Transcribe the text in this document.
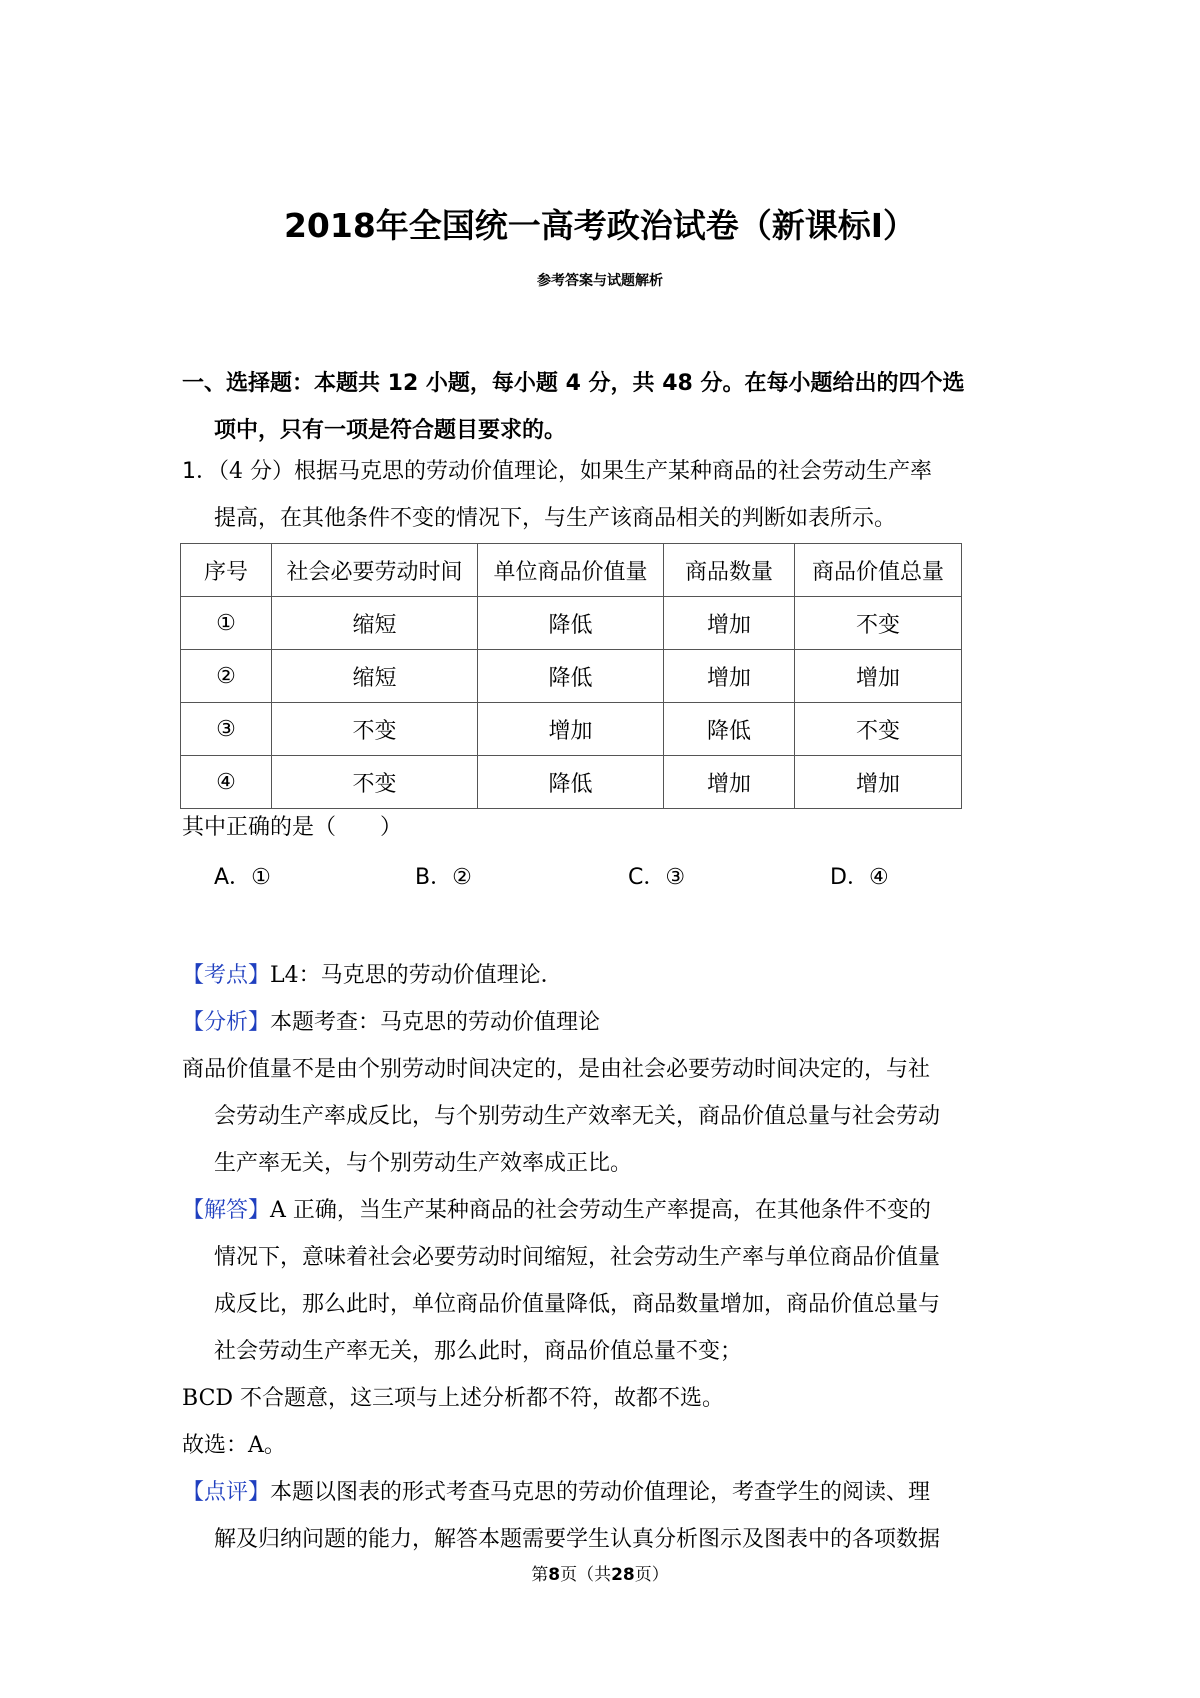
2018年全国统一高考政治试卷（新课标Ⅰ）
参考答案与试题解析
一、选择题：本题共 12 小题，每小题 4 分，共 48 分。在每小题给出的四个选
项中，只有一项是符合题目要求的。
1．（4 分）根据马克思的劳动价值理论，如果生产某种商品的社会劳动生产率
提高，在其他条件不变的情况下，与生产该商品相关的判断如表所示。
序号	社会必要劳动时间	单位商品价值量	商品数量	商品价值总量
①	缩短	降低	增加	不变
②	缩短	降低	增加	增加
③	不变	增加	降低	不变
④	不变	降低	增加	增加
其中正确的是（　　）
A．①	B．②	C．③	D．④
【考点】L4：马克思的劳动价值理论．
【分析】本题考查：马克思的劳动价值理论
商品价值量不是由个别劳动时间决定的，是由社会必要劳动时间决定的，与社
会劳动生产率成反比，与个别劳动生产效率无关，商品价值总量与社会劳动
生产率无关，与个别劳动生产效率成正比。
【解答】A 正确，当生产某种商品的社会劳动生产率提高，在其他条件不变的
情况下，意味着社会必要劳动时间缩短，社会劳动生产率与单位商品价值量
成反比，那么此时，单位商品价值量降低，商品数量增加，商品价值总量与
社会劳动生产率无关，那么此时，商品价值总量不变；
BCD 不合题意，这三项与上述分析都不符，故都不选。
故选：A。
【点评】本题以图表的形式考查马克思的劳动价值理论，考查学生的阅读、理
解及归纳问题的能力，解答本题需要学生认真分析图示及图表中的各项数据
第8页（共28页）
